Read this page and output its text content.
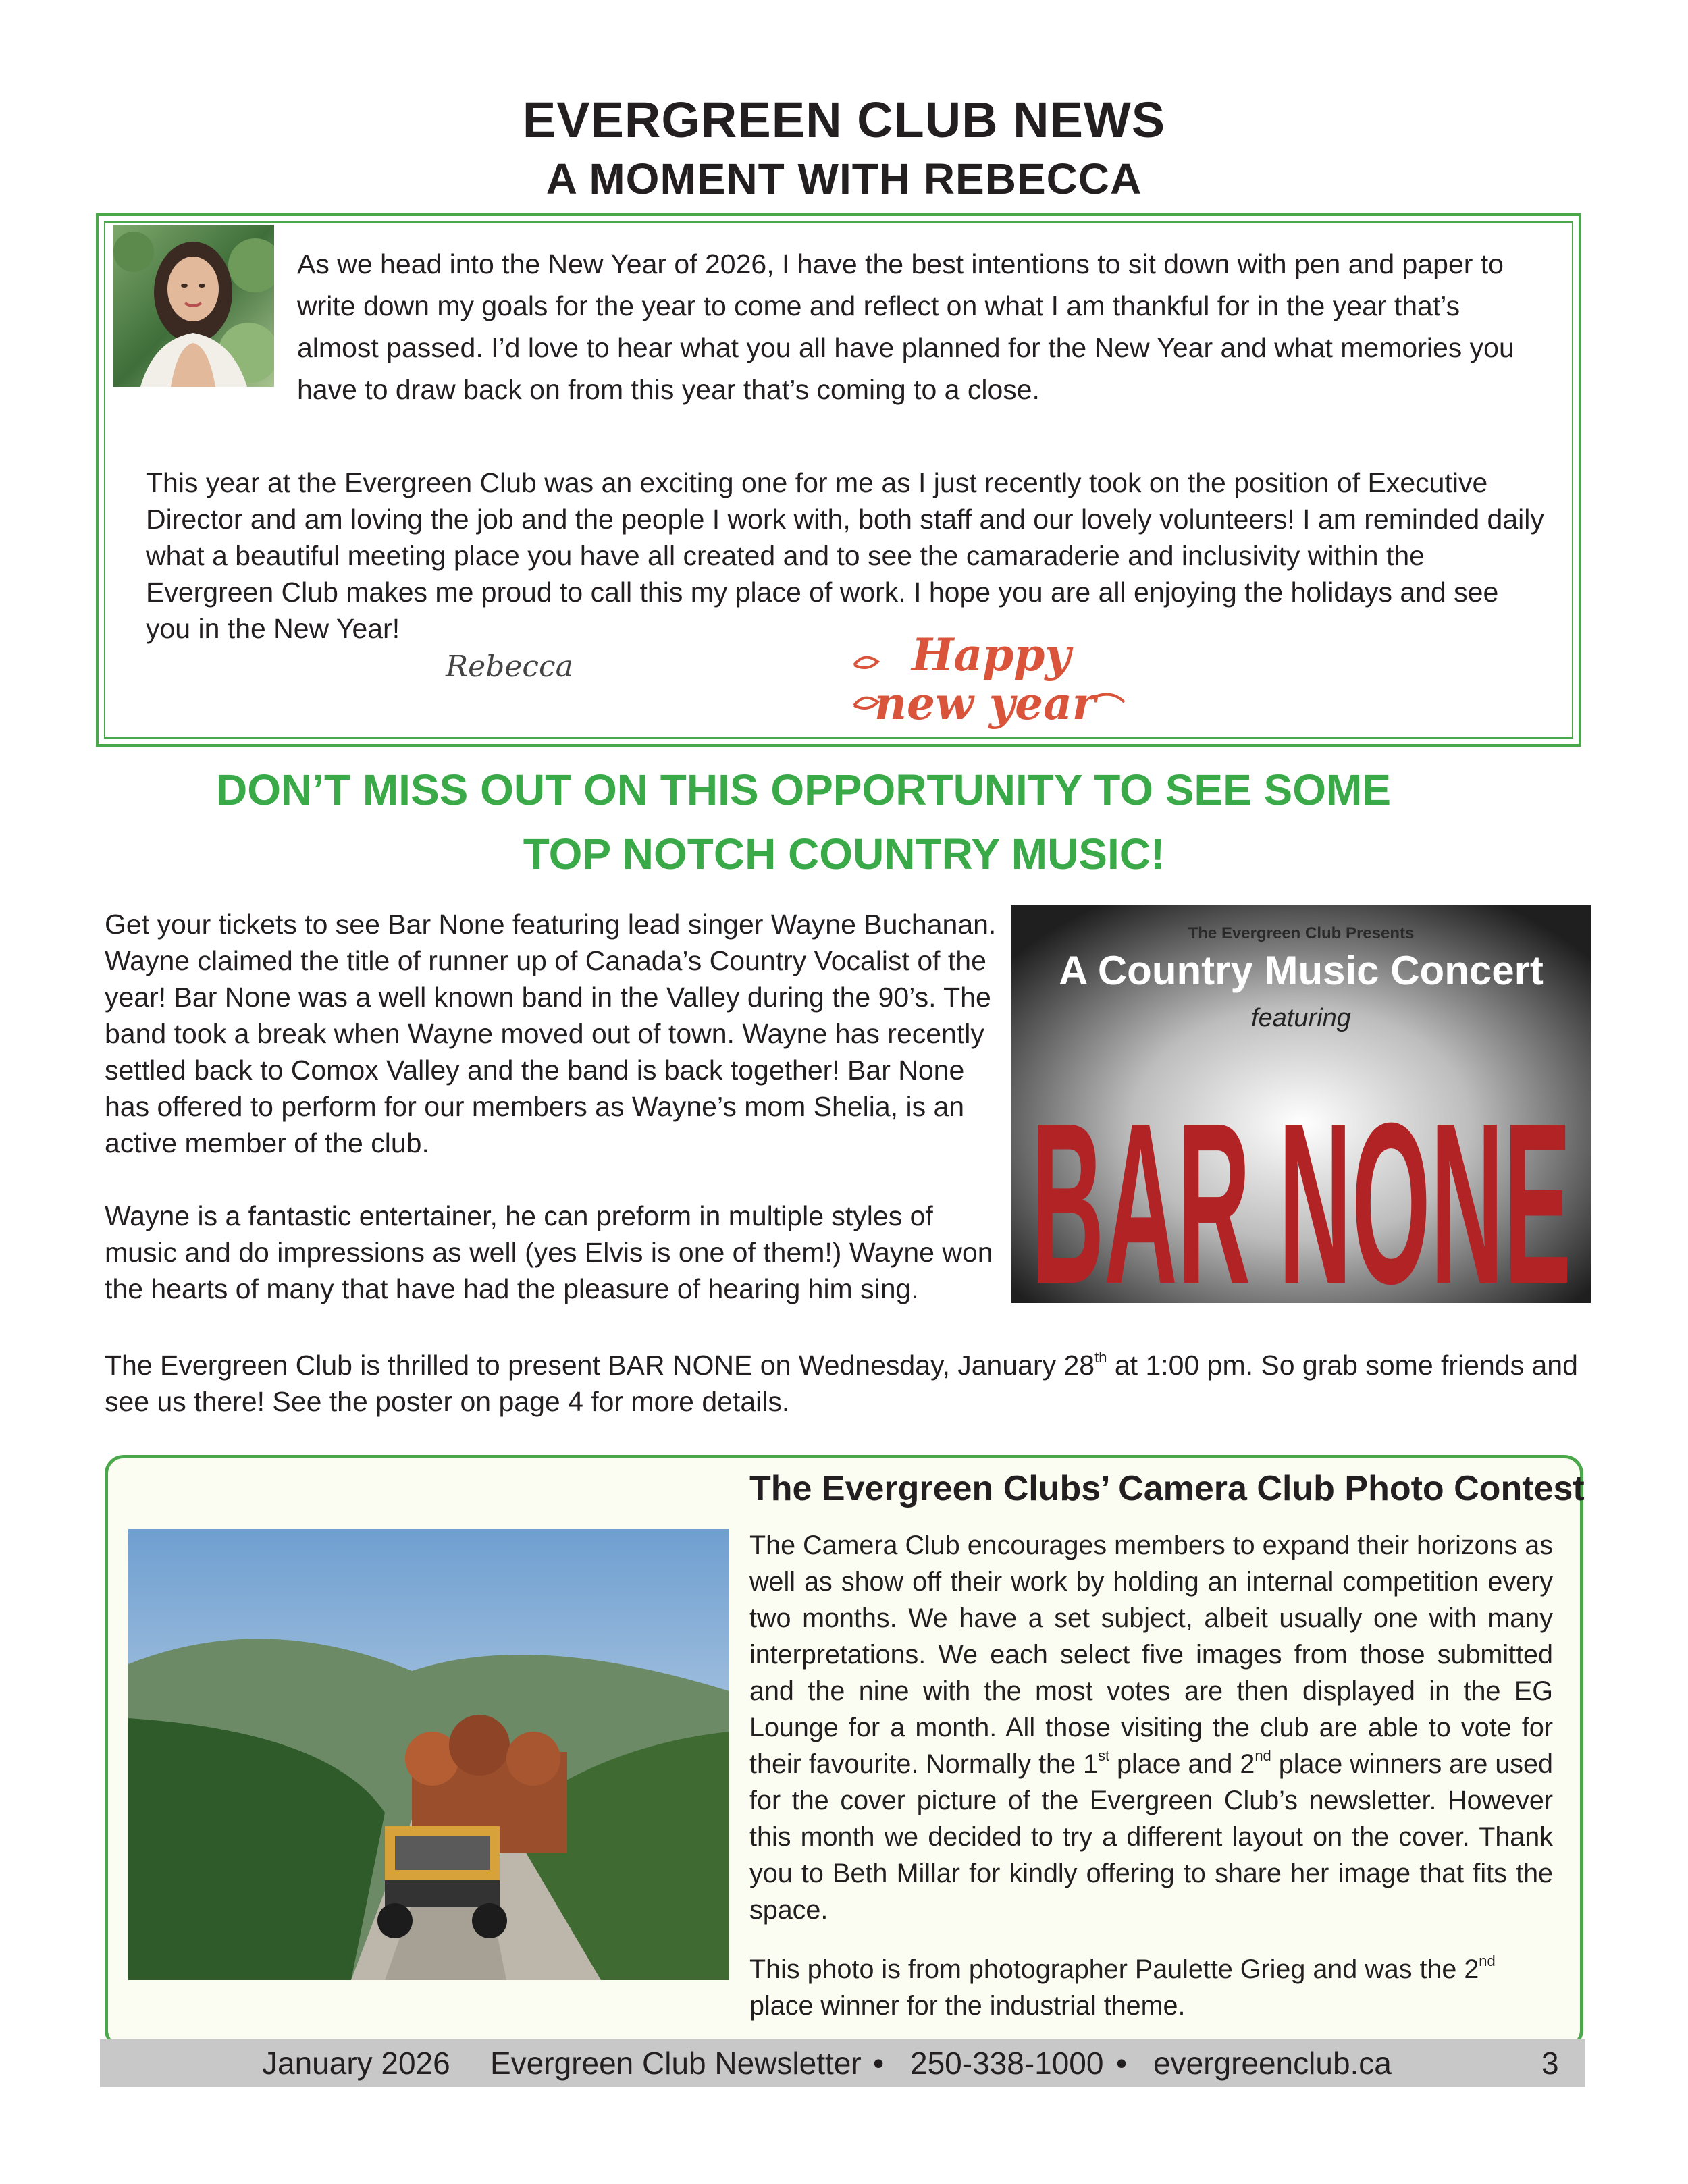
EVERGREEN CLUB NEWS
A MOMENT WITH REBECCA
As we head into the New Year of 2026, I have the best intentions to sit down with pen and paper to
write down my goals for the year to come and reflect on what I am thankful for in the year that’s
almost passed. I’d love to hear what you all have planned for the New Year and what memories you
have to draw back on from this year that’s coming to a close.
This year at the Evergreen Club was an exciting one for me as I just recently took on the position of Executive Director and am loving the job and the people I work with, both staff and our lovely volunteers! I am reminded daily what a beautiful meeting place you have all created and to see the camaraderie and inclusivity within the Evergreen Club makes me proud to call this my place of work. I hope you are all enjoying the holidays and see you in the New Year!
Rebecca	Happy
new year
DON’T MISS OUT ON THIS OPPORTUNITY TO SEE SOME
TOP NOTCH COUNTRY MUSIC!

Get your tickets to see Bar None featuring lead singer Wayne Buchanan. Wayne claimed the title of runner up of Canada’s Country Vocalist of the year! Bar None was a well known band in the Valley during the 90’s. The band took a break when Wayne moved out of town. Wayne has recently settled back to Comox Valley and the band is back together! Bar None has offered to perform for our members as Wayne’s mom Shelia, is an active member of the club.

Wayne is a fantastic entertainer, he can preform in multiple styles of music and do impressions as well (yes Elvis is one of them!) Wayne won the hearts of many that have had the pleasure of hearing him sing.

The Evergreen Club Presents
A Country Music Concert
featuring
BAR NONE
The Evergreen Club is thrilled to present BAR NONE on Wednesday, January 28th at 1:00 pm. So grab some friends and see us there! See the poster on page 4 for more details.
The Evergreen Clubs’ Camera Club Photo Contest
The Camera Club encourages members to expand their horizons as well as show off their work by holding an internal competition every two months. We have a set subject, albeit usually one with many interpretations. We each select five images from those submitted and the nine with the most votes are then displayed in the EG Lounge for a month. All those visiting the club are able to vote for their favourite. Normally the 1st place and 2nd place winners are used for the cover picture of the Evergreen Club’s newsletter. However this month we decided to try a different layout on the cover. Thank you to Beth Millar for kindly offering to share her image that fits the space.
This photo is from photographer Paulette Grieg and was the 2nd place winner for the industrial theme.
January 2026 Evergreen Club Newsletter • 250-338-1000 • evergreenclub.ca	3
